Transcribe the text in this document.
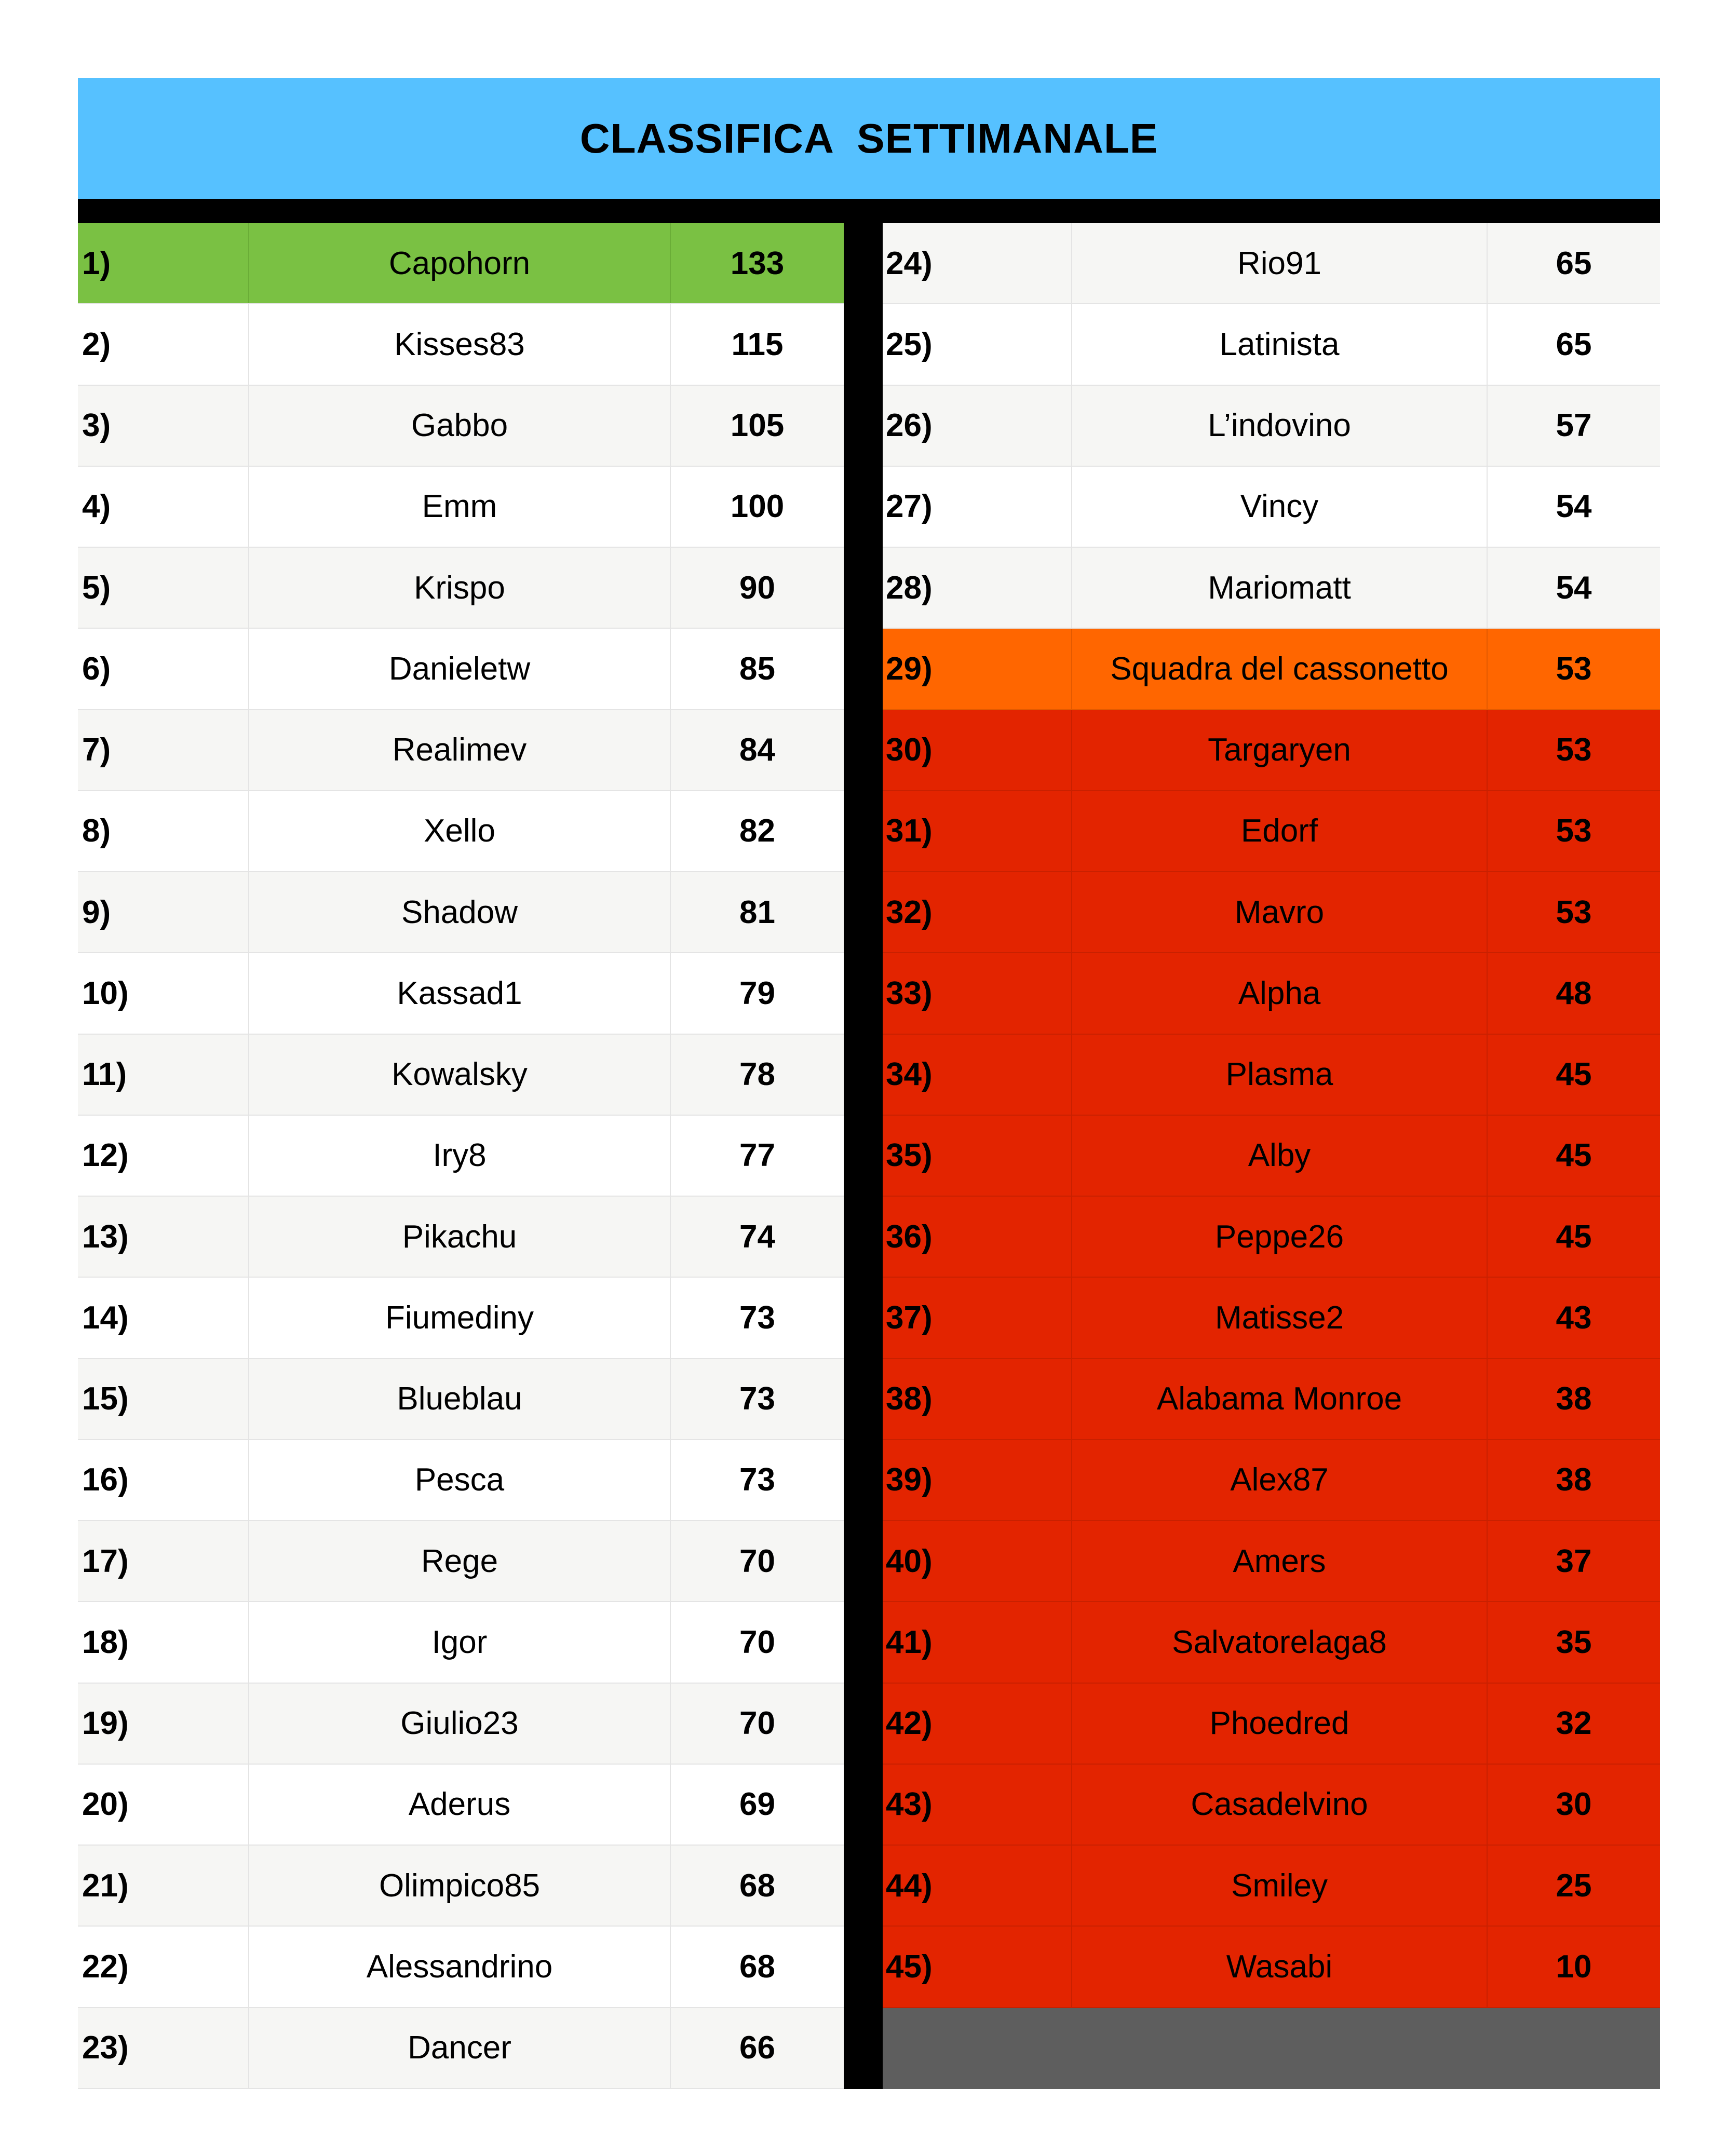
CLASSIFICA  SETTIMANALE
1)	Capohorn	133
2)	Kisses83	115
3)	Gabbo	105
4)	Emm	100
5)	Krispo	90
6)	Danieletw	85
7)	Realimev	84
8)	Xello	82
9)	Shadow	81
10)	Kassad1	79
11)	Kowalsky	78
12)	Iry8	77
13)	Pikachu	74
14)	Fiumediny	73
15)	Blueblau	73
16)	Pesca	73
17)	Rege	70
18)	Igor	70
19)	Giulio23	70
20)	Aderus	69
21)	Olimpico85	68
22)	Alessandrino	68
23)	Dancer	66
24)	Rio91	65
25)	Latinista	65
26)	L’indovino	57
27)	Vincy	54
28)	Mariomatt	54
29)	Squadra del cassonetto	53
30)	Targaryen	53
31)	Edorf	53
32)	Mavro	53
33)	Alpha	48
34)	Plasma	45
35)	Alby	45
36)	Peppe26	45
37)	Matisse2	43
38)	Alabama Monroe	38
39)	Alex87	38
40)	Amers	37
41)	Salvatorelaga8	35
42)	Phoedred	32
43)	Casadelvino	30
44)	Smiley	25
45)	Wasabi	10
